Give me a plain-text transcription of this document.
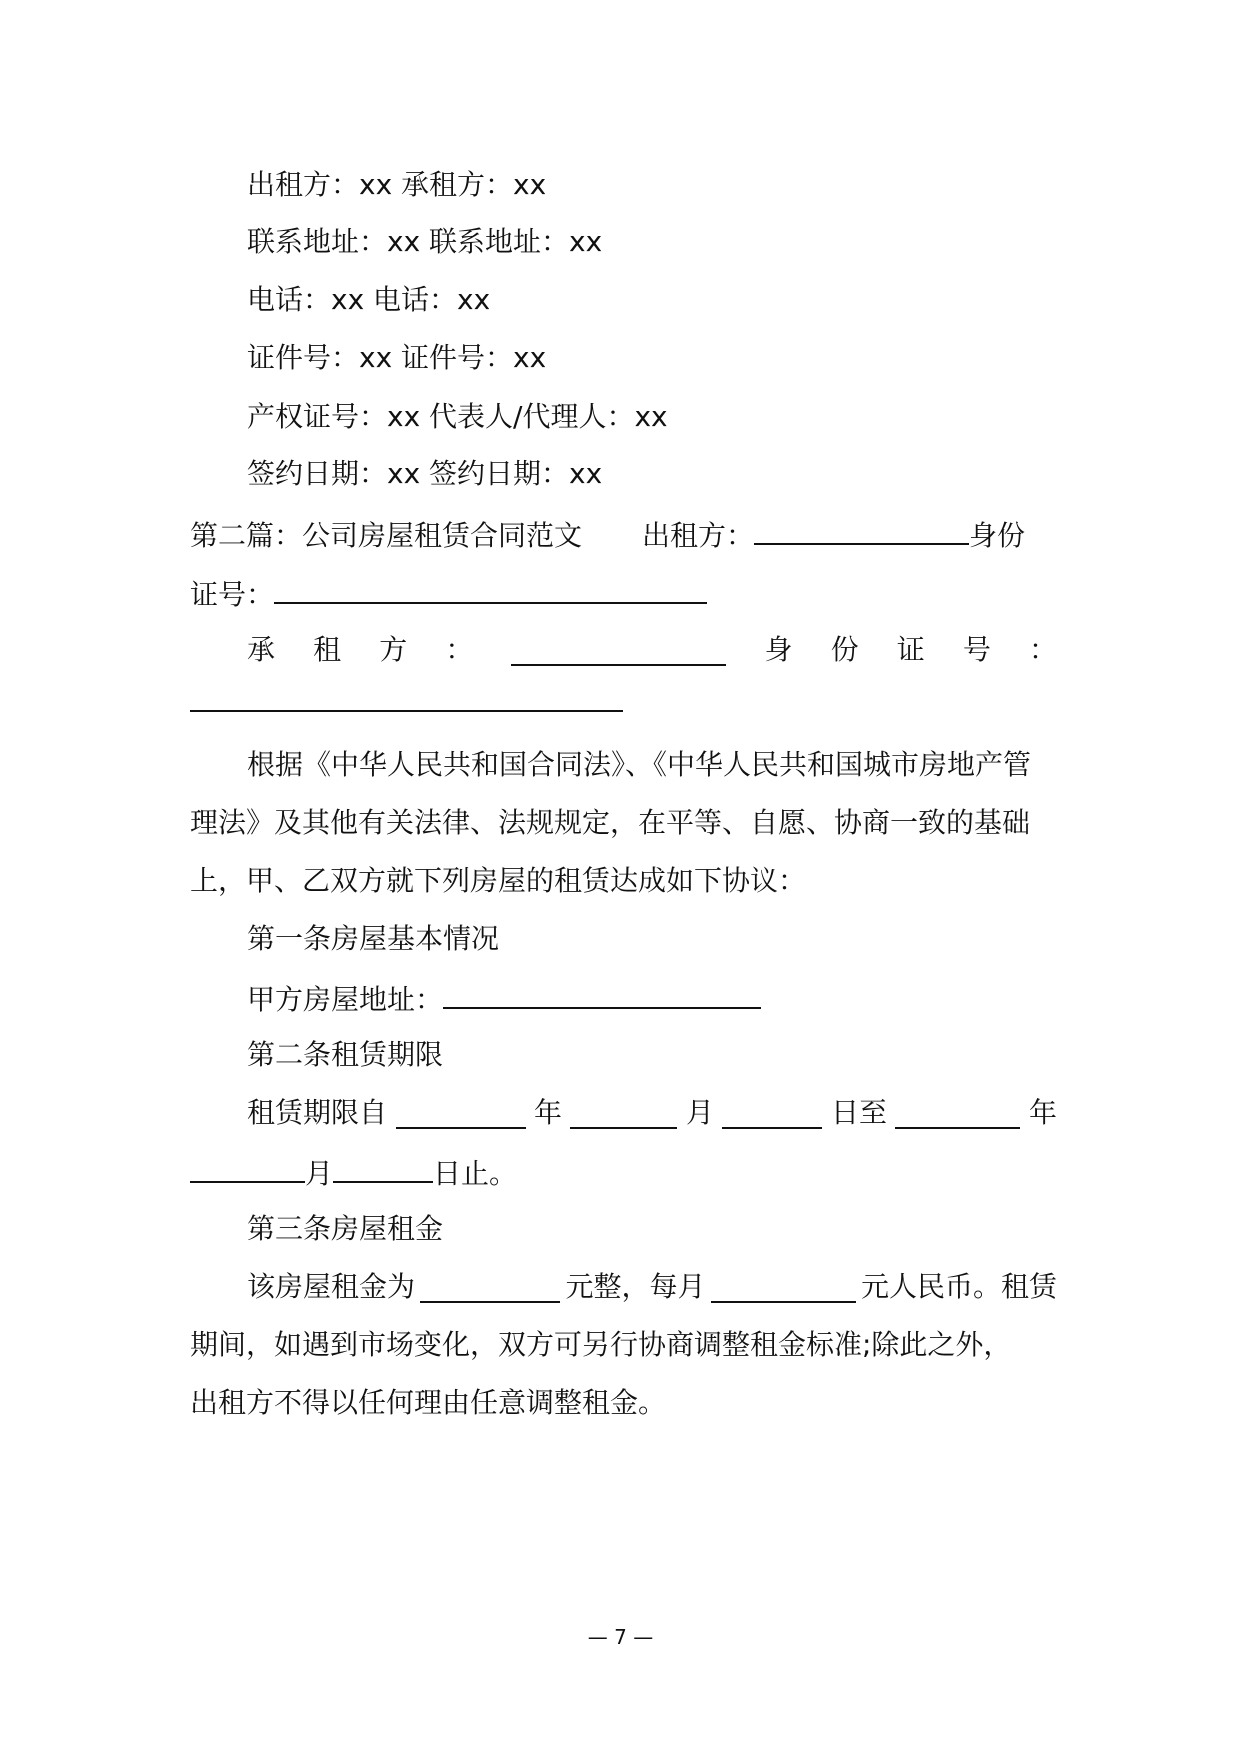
出租方：xx 承租方：xx
联系地址：xx 联系地址：xx
电话：xx 电话：xx
证件号：xx 证件号：xx
产权证号：xx 代表人/代理人：xx
签约日期：xx 签约日期：xx
第二篇：公司房屋租赁合同范文 出租方：	身份
证号：
承 租 方 ：	身 份 证 号 ：
根据《中华人民共和国合同法》、《中华人民共和国城市房地产管
理法》及其他有关法律、法规规定，在平等、自愿、协商一致的基础
上，甲、乙双方就下列房屋的租赁达成如下协议：
第一条房屋基本情况
甲方房屋地址：
第二条租赁期限
租赁期限自	年	月	日至	年
月	日止。
第三条房屋租金
该房屋租金为	元整，每月	元人民币。租赁
期间，如遇到市场变化，双方可另行协商调整租金标准;除此之外，
出租方不得以任何理由任意调整租金。
— 7 —
